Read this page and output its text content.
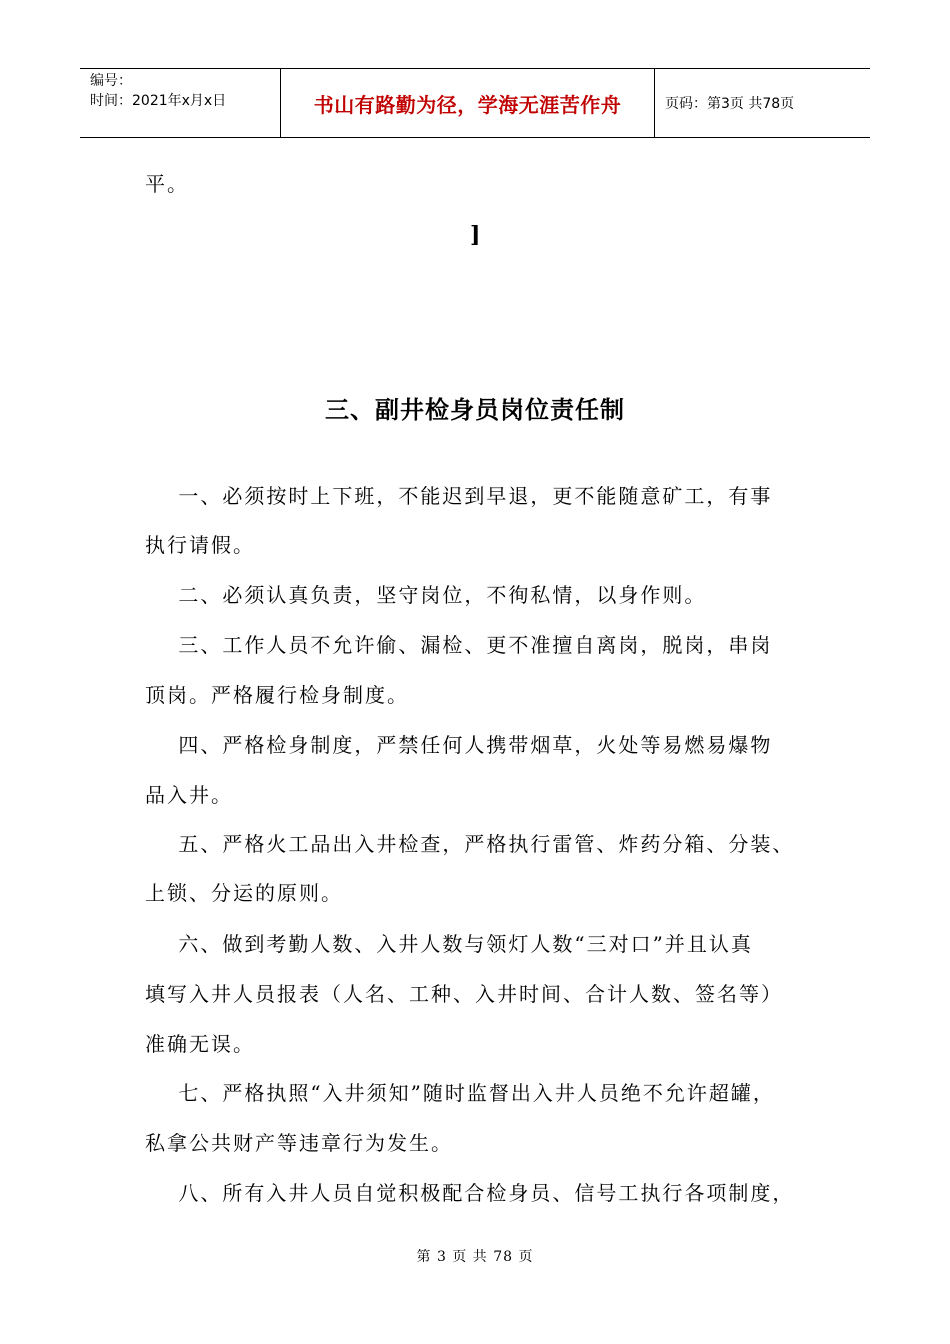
编号：
时间：2021年x月x日	书山有路勤为径，学海无涯苦作舟	页码：第3页 共78页
平。
]
三、副井检身员岗位责任制
一、必须按时上下班，不能迟到早退，更不能随意矿工，有事
执行请假。
二、必须认真负责，坚守岗位，不徇私情，以身作则。
三、工作人员不允许偷、漏检、更不准擅自离岗，脱岗，串岗
顶岗。严格履行检身制度。
四、严格检身制度，严禁任何人携带烟草，火处等易燃易爆物
品入井。
五、严格火工品出入井检查，严格执行雷管、炸药分箱、分装、
上锁、分运的原则。
六、做到考勤人数、入井人数与领灯人数“三对口”并且认真
填写入井人员报表（人名、工种、入井时间、合计人数、签名等）
准确无误。
七、严格执照“入井须知”随时监督出入井人员绝不允许超罐，
私拿公共财产等违章行为发生。
八、所有入井人员自觉积极配合检身员、信号工执行各项制度，
第 3 页 共 78 页
